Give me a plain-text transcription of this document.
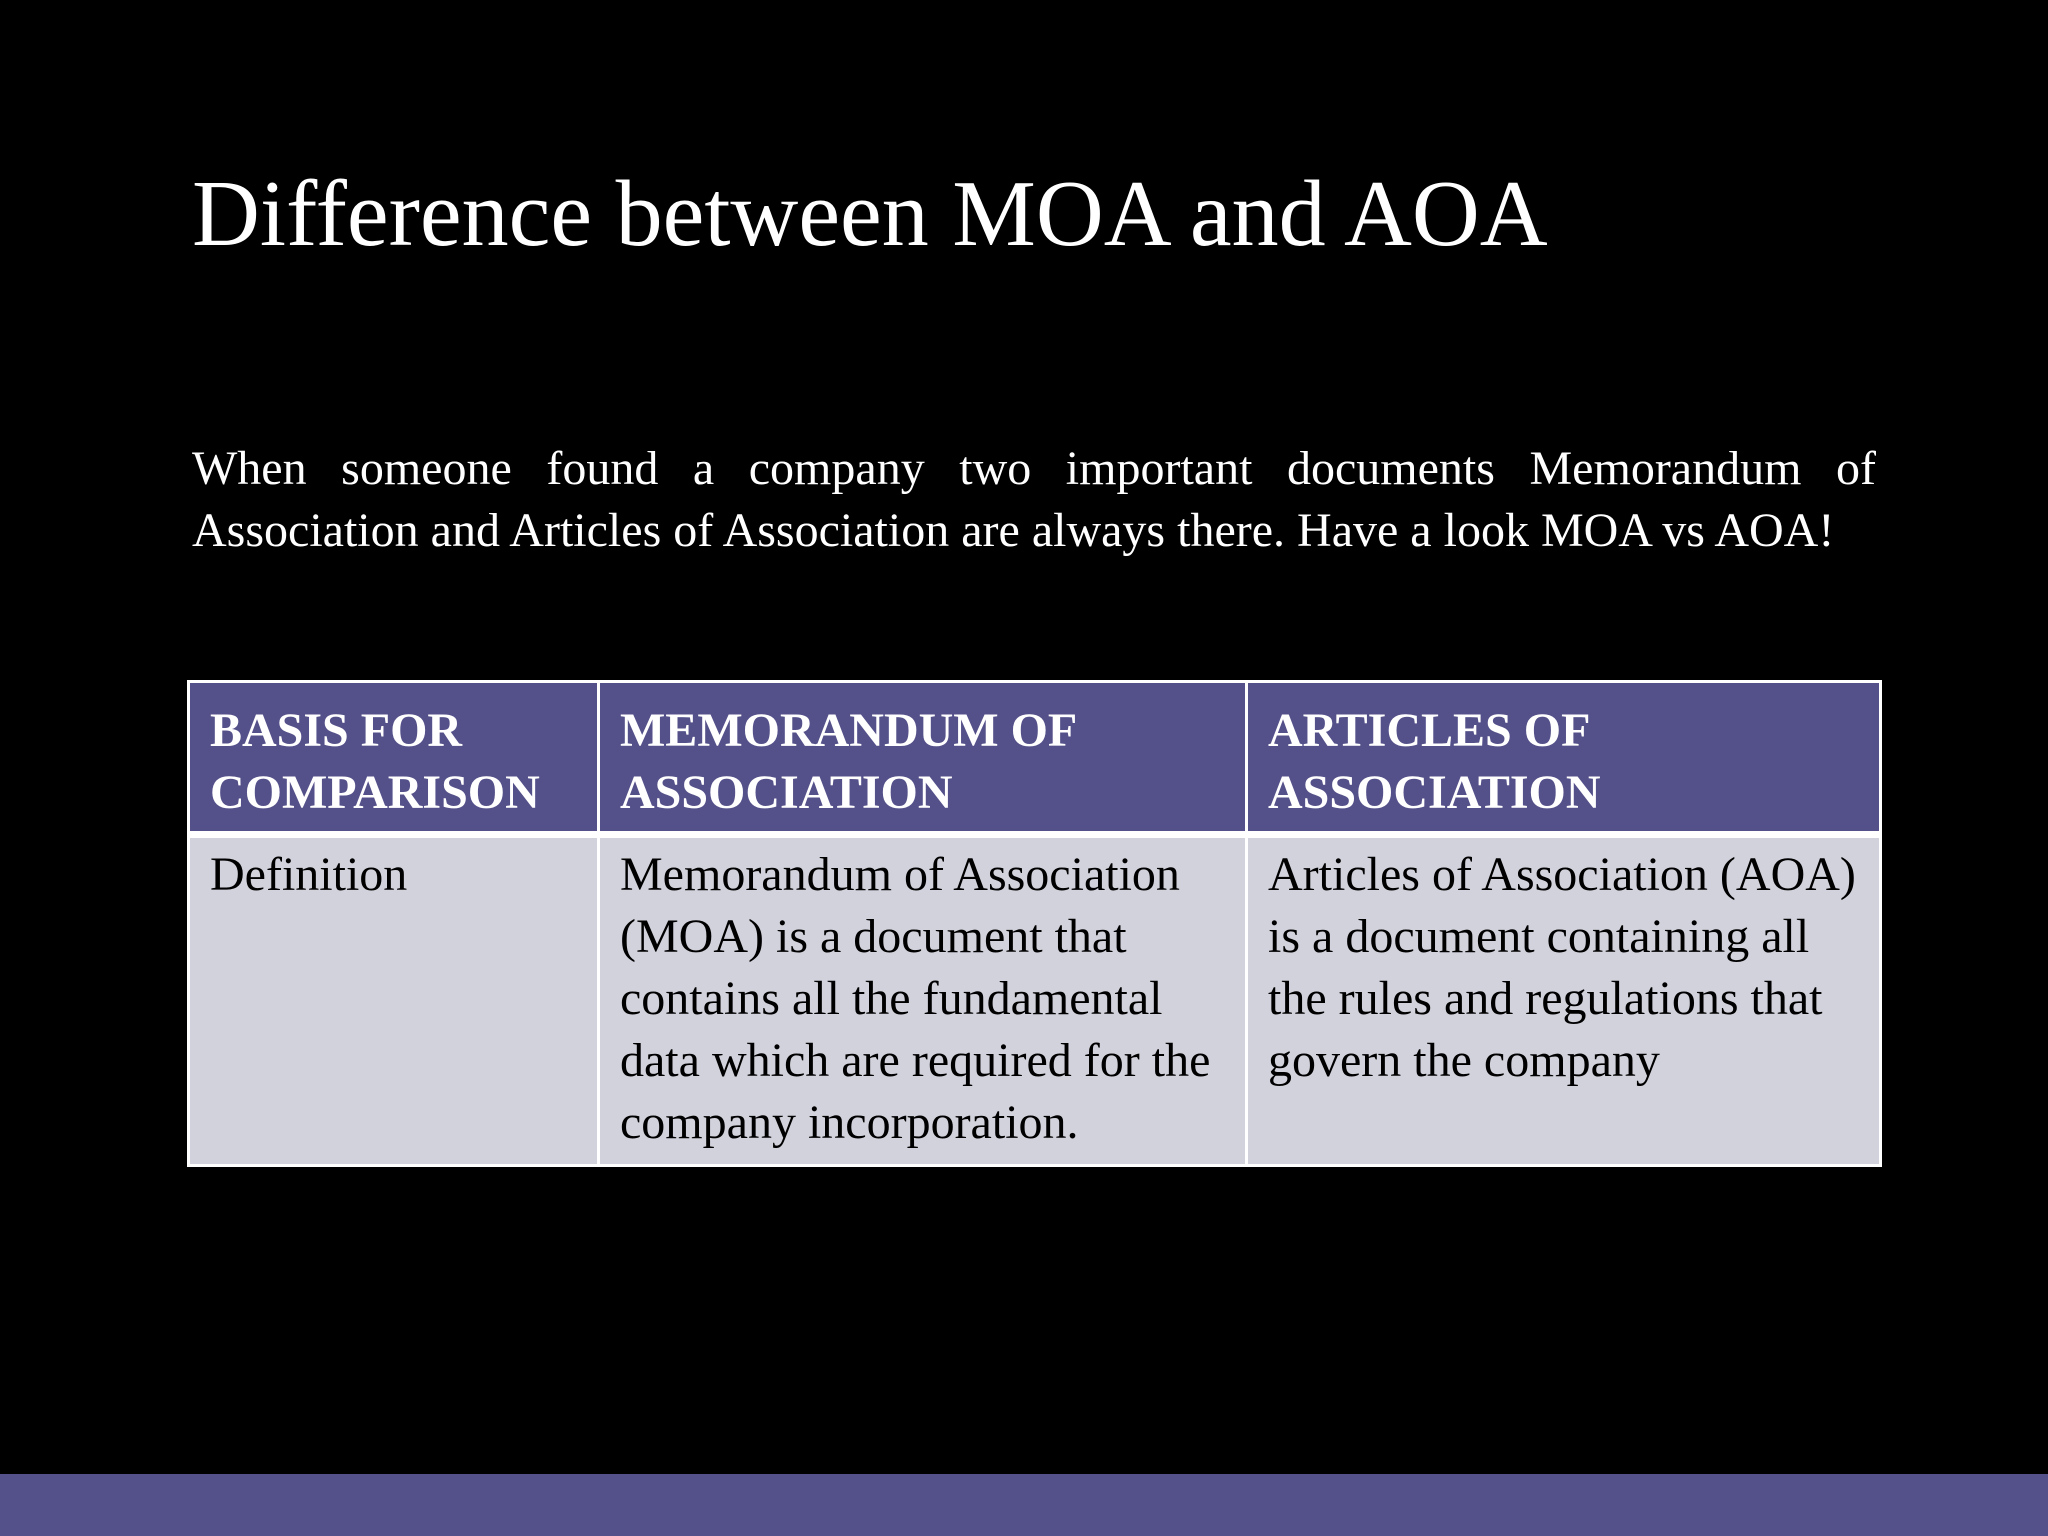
Difference between MOA and AOA

When someone found a company two important documents Memorandum of Association and Articles of Association are always there. Have a look MOA vs AOA!

BASIS FOR COMPARISON	MEMORANDUM OF ASSOCIATION	ARTICLES OF ASSOCIATION
Definition	Memorandum of Association (MOA) is a document that contains all the fundamental data which are required for the company incorporation.	Articles of Association (AOA) is a document containing all the rules and regulations that govern the company
